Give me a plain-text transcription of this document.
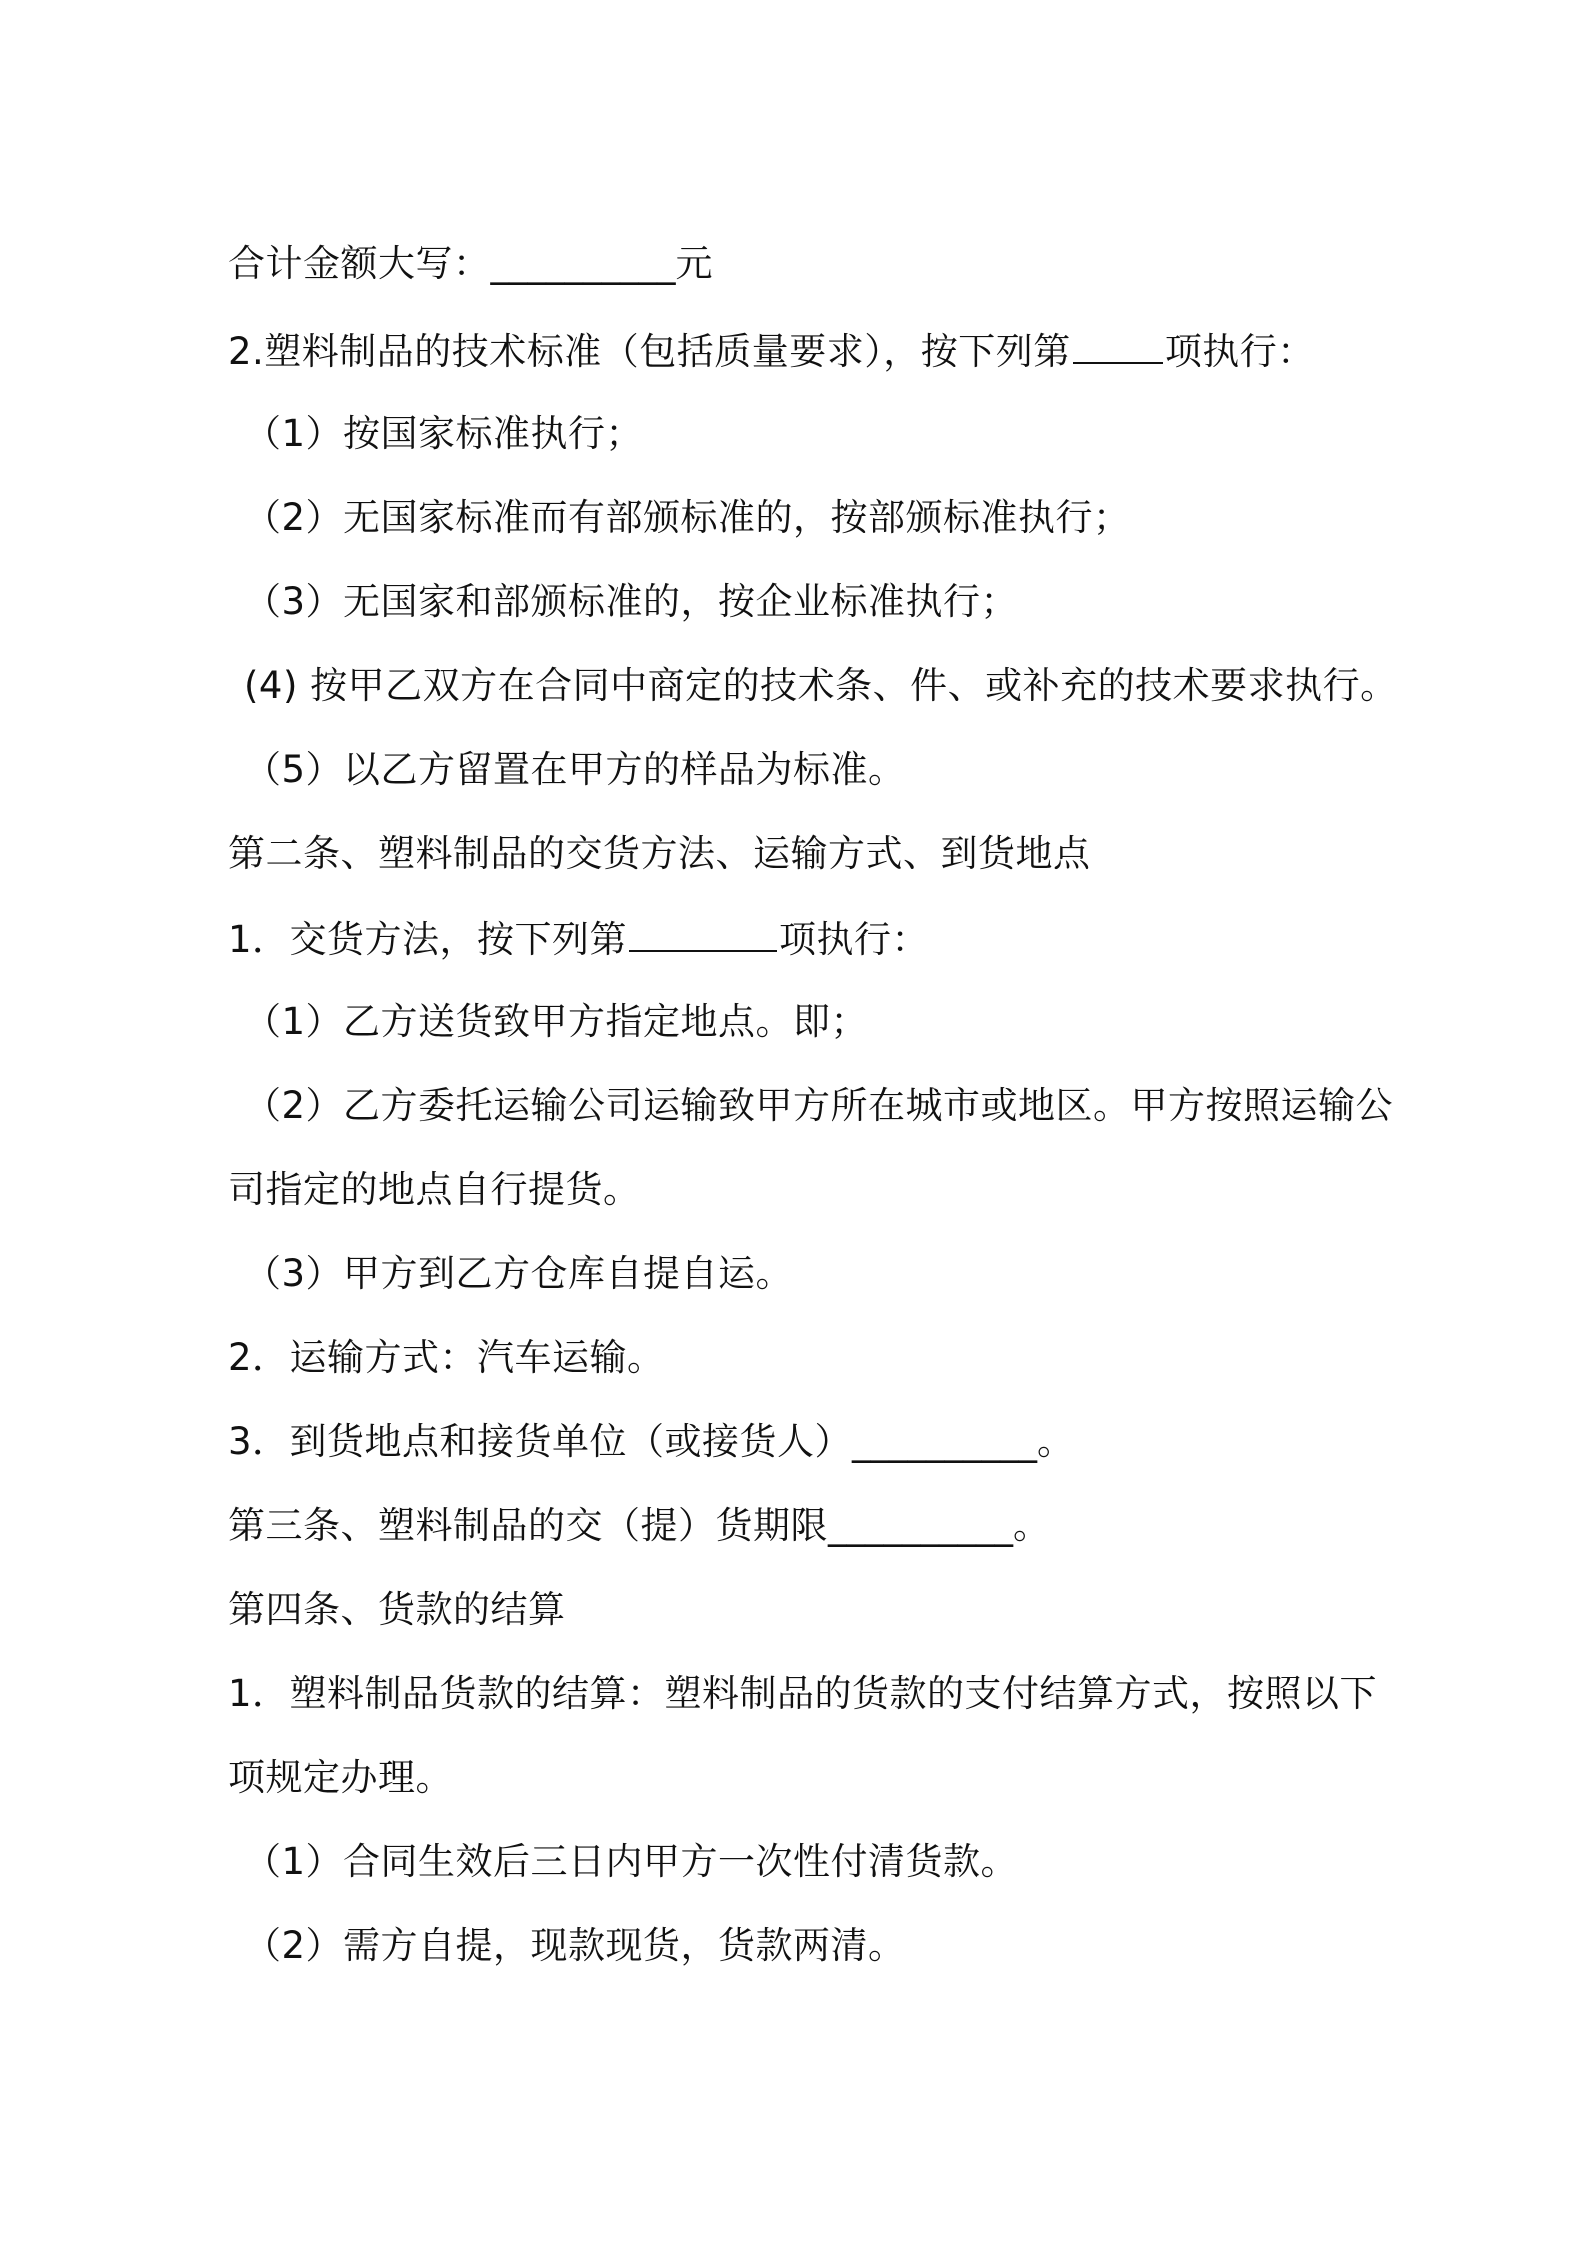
合计金额大写：__________元
2.塑料制品的技术标准（包括质量要求），按下列第	项执行：
（1）按国家标准执行；
（2）无国家标准而有部颁标准的，按部颁标准执行；
（3）无国家和部颁标准的，按企业标准执行；
(4) 按甲乙双方在合同中商定的技术条、件、或补充的技术要求执行。
（5）以乙方留置在甲方的样品为标准。
第二条、塑料制品的交货方法、运输方式、到货地点
1．交货方法，按下列第	项执行：
（1）乙方送货致甲方指定地点。即；
（2）乙方委托运输公司运输致甲方所在城市或地区。甲方按照运输公
司指定的地点自行提货。
（3）甲方到乙方仓库自提自运。
2．运输方式：汽车运输。
3．到货地点和接货单位（或接货人）__________。
第三条、塑料制品的交（提）货期限__________。
第四条、货款的结算
1．塑料制品货款的结算：塑料制品的货款的支付结算方式，按照以下
项规定办理。
（1）合同生效后三日内甲方一次性付清货款。
（2）需方自提，现款现货，货款两清。
